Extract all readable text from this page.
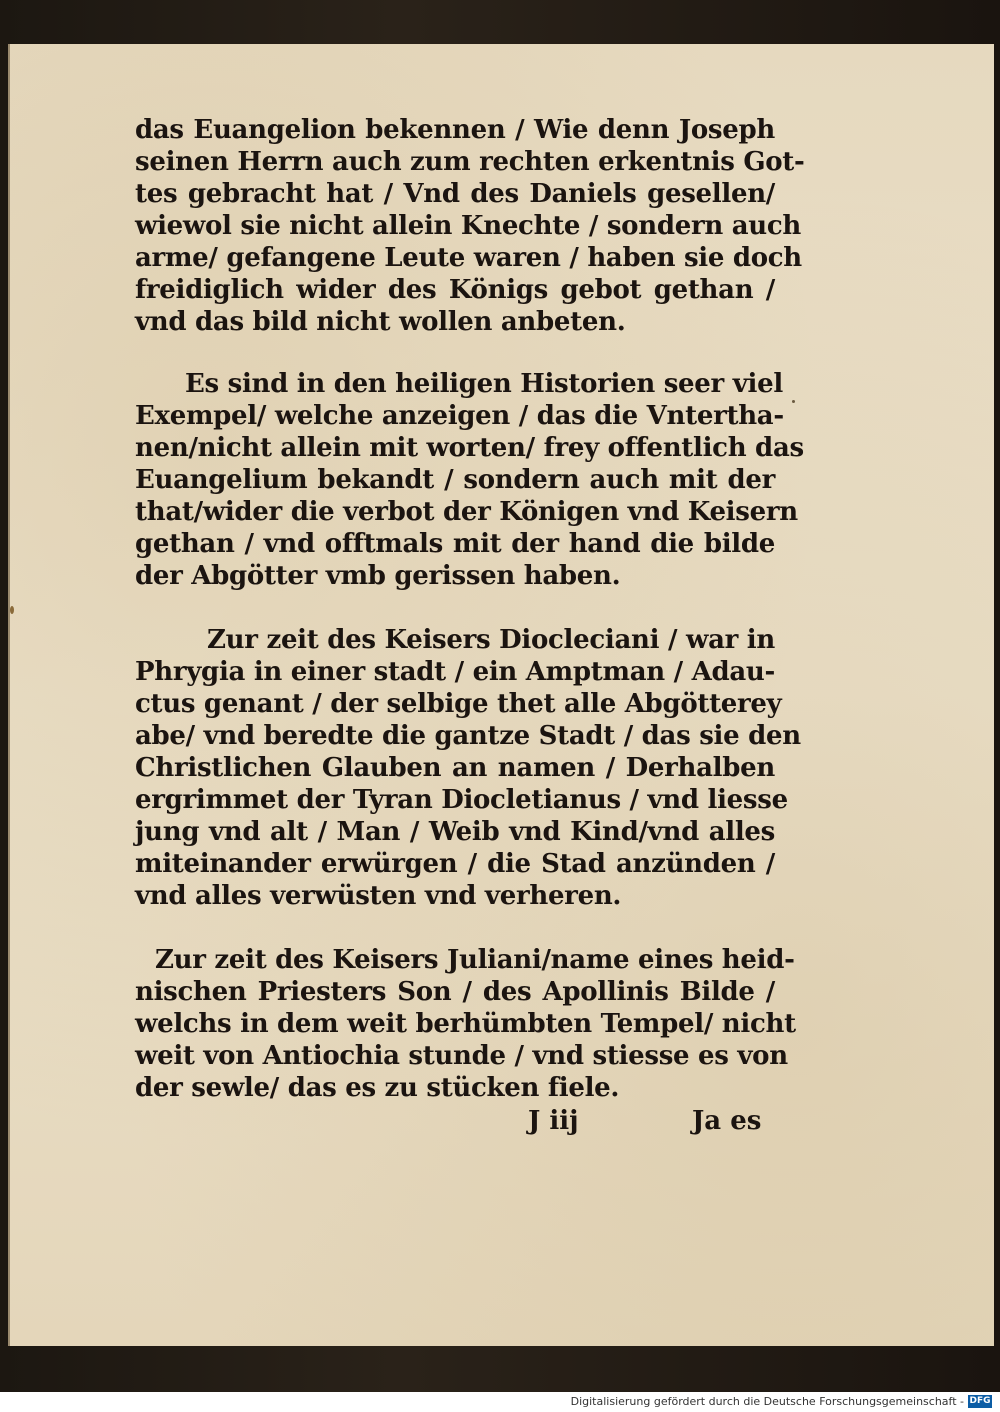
das Euangelion bekennen / Wie denn Joseph
seinen Herrn auch zum rechten erkentnis Got-
tes gebracht hat / Vnd des Daniels gesellen/
wiewol sie nicht allein Knechte / sondern auch
arme/ gefangene Leute waren / haben sie doch
freidiglich wider des Königs gebot gethan /
vnd das bild nicht wollen anbeten.
Es sind in den heiligen Historien seer viel
Exempel/ welche anzeigen / das die Vntertha-
nen/nicht allein mit worten/ frey offentlich das
Euangelium bekandt / sondern auch mit der
that/wider die verbot der Königen vnd Keisern
gethan / vnd offtmals mit der hand die bilde
der Abgötter vmb gerissen haben.
Zur zeit des Keisers Diocleciani / war in
Phrygia in einer stadt / ein Amptman / Adau-
ctus genant / der selbige thet alle Abgötterey
abe/ vnd beredte die gantze Stadt / das sie den
Christlichen Glauben an namen / Derhalben
ergrimmet der Tyran Diocletianus / vnd liesse
jung vnd alt / Man / Weib vnd Kind/vnd alles
miteinander erwürgen / die Stad anzünden /
vnd alles verwüsten vnd verheren.
Zur zeit des Keisers Juliani/name eines heid-
nischen Priesters Son / des Apollinis Bilde /
welchs in dem weit berhümbten Tempel/ nicht
weit von Antiochia stunde / vnd stiesse es von
der sewle/ das es zu stücken fiele.
J iij	Ja es
Digitalisierung gefördert durch die Deutsche Forschungsgemeinschaft - DFG
